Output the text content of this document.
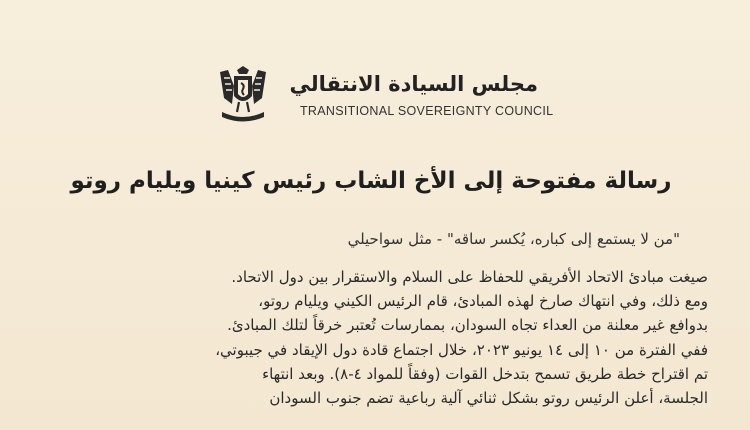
مجلس السيادة الانتقالي
TRANSITIONAL SOVEREIGNTY COUNCIL
رسالة مفتوحة إلى الأخ الشاب رئيس كينيا ويليام روتو
"من لا يستمع إلى كباره، يُكسر ساقه" - مثل سواحيلي
صيغت مبادئ الاتحاد الأفريقي للحفاظ على السلام والاستقرار بين دول الاتحاد.
ومع ذلك، وفي انتهاك صارخ لهذه المبادئ، قام الرئيس الكيني ويليام روتو،
بدوافع غير معلنة من العداء تجاه السودان، بممارسات تُعتبر خرقاً لتلك المبادئ.
ففي الفترة من ١٠ إلى ١٤ يونيو ٢٠٢٣، خلال اجتماع قادة دول الإيقاد في جيبوتي،
تم اقتراح خطة طريق تسمح بتدخل القوات (وفقاً للمواد ٤-٨). وبعد انتهاء
الجلسة، أعلن الرئيس روتو بشكل ثنائي آلية رباعية تضم جنوب السودان
